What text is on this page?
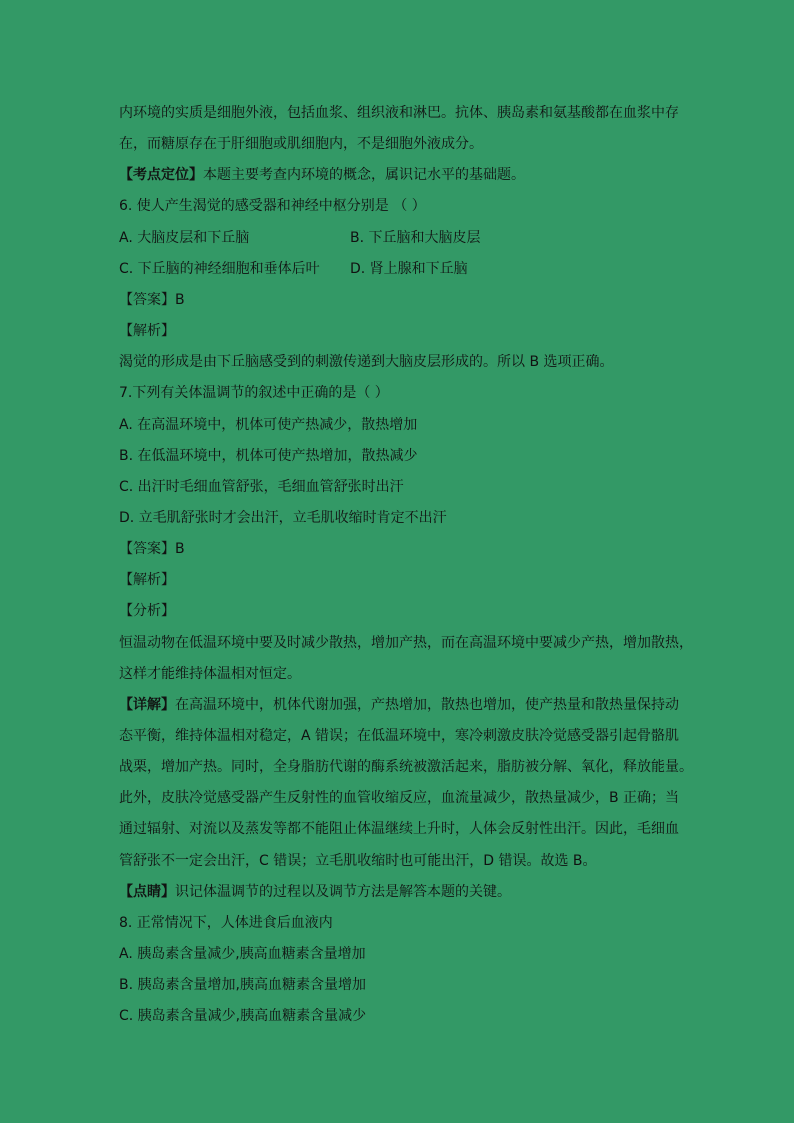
内环境的实质是细胞外液，包括血浆、组织液和淋巴。抗体、胰岛素和氨基酸都在血浆中存
在，而糖原存在于肝细胞或肌细胞内，不是细胞外液成分。
【考点定位】本题主要考查内环境的概念，属识记水平的基础题。
6. 使人产生渴觉的感受器和神经中枢分别是 （ ）
A. 大脑皮层和下丘脑	B. 下丘脑和大脑皮层
C. 下丘脑的神经细胞和垂体后叶 D. 肾上腺和下丘脑
【答案】B
【解析】
渴觉的形成是由下丘脑感受到的刺激传递到大脑皮层形成的。所以 B 选项正确。
7.下列有关体温调节的叙述中正确的是（ ）
A. 在高温环境中，机体可使产热减少，散热增加
B. 在低温环境中，机体可使产热增加，散热减少
C. 出汗时毛细血管舒张，毛细血管舒张时出汗
D. 立毛肌舒张时才会出汗，立毛肌收缩时肯定不出汗
【答案】B
【解析】
【分析】
恒温动物在低温环境中要及时减少散热，增加产热，而在高温环境中要减少产热，增加散热，
这样才能维持体温相对恒定。
【详解】在高温环境中，机体代谢加强，产热增加，散热也增加，使产热量和散热量保持动
态平衡，维持体温相对稳定，A 错误；在低温环境中，寒冷刺激皮肤冷觉感受器引起骨骼肌
战栗，增加产热。同时，全身脂肪代谢的酶系统被激活起来，脂肪被分解、氧化，释放能量。
此外，皮肤冷觉感受器产生反射性的血管收缩反应，血流量减少，散热量减少，B 正确；当
通过辐射、对流以及蒸发等都不能阻止体温继续上升时，人体会反射性出汗。因此，毛细血
管舒张不一定会出汗，C 错误；立毛肌收缩时也可能出汗，D 错误。故选 B。
【点睛】识记体温调节的过程以及调节方法是解答本题的关键。
8. 正常情况下，人体进食后血液内
A. 胰岛素含量减少,胰高血糖素含量增加
B. 胰岛素含量增加,胰高血糖素含量增加
C. 胰岛素含量减少,胰高血糖素含量减少
